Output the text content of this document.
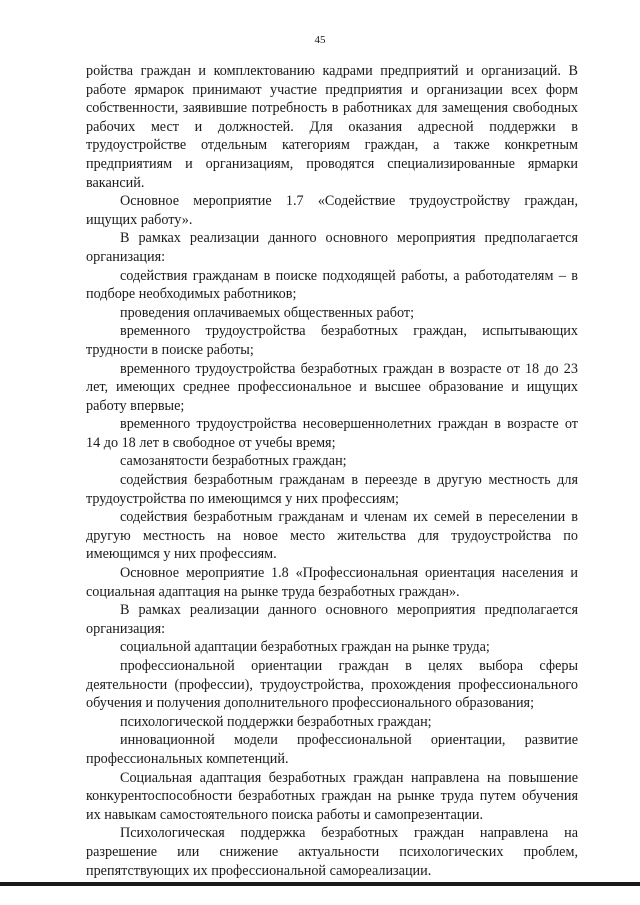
45

ройства граждан и комплектованию кадрами предприятий и организаций. В работе ярмарок принимают участие предприятия и организации всех форм собственности, заявившие потребность в работниках для замещения свободных рабочих мест и должностей. Для оказания адресной поддержки в трудоустройстве отдельным категориям граждан, а также конкретным предприятиям и организациям, проводятся специализированные ярмарки вакансий.

Основное мероприятие 1.7 «Содействие трудоустройству граждан, ищущих работу».

В рамках реализации данного основного мероприятия предполагается организация:

содействия гражданам в поиске подходящей работы, а работодателям – в подборе необходимых работников;

проведения оплачиваемых общественных работ;

временного трудоустройства безработных граждан, испытывающих трудности в поиске работы;

временного трудоустройства безработных граждан в возрасте от 18 до 23 лет, имеющих среднее профессиональное и высшее образование и ищущих работу впервые;

временного трудоустройства несовершеннолетних граждан в возрасте от 14 до 18 лет в свободное от учебы время;

самозанятости безработных граждан;

содействия безработным гражданам в переезде в другую местность для трудоустройства по имеющимся у них профессиям;

содействия безработным гражданам и членам их семей в переселении в другую местность на новое место жительства для трудоустройства по имеющимся у них профессиям.

Основное мероприятие 1.8 «Профессиональная ориентация населения и социальная адаптация на рынке труда безработных граждан».

В рамках реализации данного основного мероприятия предполагается организация:

социальной адаптации безработных граждан на рынке труда;

профессиональной ориентации граждан в целях выбора сферы деятельности (профессии), трудоустройства, прохождения профессионального обучения и получения дополнительного профессионального образования;

психологической поддержки безработных граждан;

инновационной модели профессиональной ориентации, развитие профессиональных компетенций.

Социальная адаптация безработных граждан направлена на повышение конкурентоспособности безработных граждан на рынке труда путем обучения их навыкам самостоятельного поиска работы и самопрезентации.

Психологическая поддержка безработных граждан направлена на разрешение или снижение актуальности психологических проблем, препятствующих их профессиональной самореализации.
